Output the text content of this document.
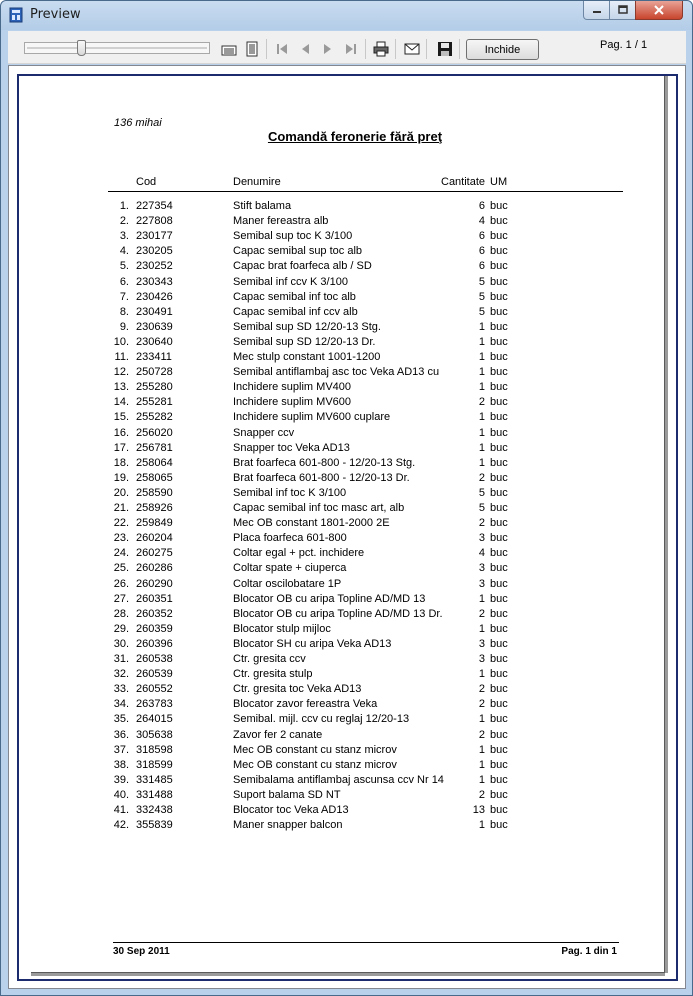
Preview
Inchide	Pag. 1 / 1
136 mihai
Comandă feronerie fără preţ
Cod	Denumire	Cantitate UM
1. 227354	Stift balama	6 buc
2. 227808	Maner fereastra alb	4 buc
3. 230177	Semibal sup toc K 3/100	6 buc
4. 230205	Capac semibal sup toc alb	6 buc
5. 230252	Capac brat foarfeca alb / SD	6 buc
6. 230343	Semibal inf ccv K 3/100	5 buc
7. 230426	Capac semibal inf toc alb	5 buc
8. 230491	Capac semibal inf ccv alb	5 buc
9. 230639	Semibal sup SD 12/20-13 Stg.	1 buc
10. 230640	Semibal sup SD 12/20-13 Dr.	1 buc
11. 233411	Mec stulp constant 1001-1200	1 buc
12. 250728	Semibal antiflambaj asc toc Veka AD13 cu	1 buc
13. 255280	Inchidere suplim MV400	1 buc
14. 255281	Inchidere suplim MV600	2 buc
15. 255282	Inchidere suplim MV600 cuplare	1 buc
16. 256020	Snapper ccv	1 buc
17. 256781	Snapper toc Veka AD13	1 buc
18. 258064	Brat foarfeca 601-800 - 12/20-13 Stg.	1 buc
19. 258065	Brat foarfeca 601-800 - 12/20-13 Dr.	2 buc
20. 258590	Semibal inf toc K 3/100	5 buc
21. 258926	Capac semibal inf toc masc art, alb	5 buc
22. 259849	Mec OB constant 1801-2000 2E	2 buc
23. 260204	Placa foarfeca 601-800	3 buc
24. 260275	Coltar egal + pct. inchidere	4 buc
25. 260286	Coltar spate + ciuperca	3 buc
26. 260290	Coltar oscilobatare 1P	3 buc
27. 260351	Blocator OB cu aripa Topline AD/MD 13	1 buc
28. 260352	Blocator OB cu aripa Topline AD/MD 13 Dr.	2 buc
29. 260359	Blocator stulp mijloc	1 buc
30. 260396	Blocator SH cu aripa Veka AD13	3 buc
31. 260538	Ctr. gresita ccv	3 buc
32. 260539	Ctr. gresita stulp	1 buc
33. 260552	Ctr. gresita toc Veka AD13	2 buc
34. 263783	Blocator zavor fereastra Veka	2 buc
35. 264015	Semibal. mijl. ccv cu reglaj 12/20-13	1 buc
36. 305638	Zavor fer 2 canate	2 buc
37. 318598	Mec OB constant cu stanz microv	1 buc
38. 318599	Mec OB constant cu stanz microv	1 buc
39. 331485	Semibalama antiflambaj ascunsa ccv Nr 14	1 buc
40. 331488	Suport balama SD NT	2 buc
41. 332438	Blocator toc Veka AD13	13 buc
42. 355839	Maner snapper balcon	1 buc
30 Sep 2011	Pag. 1 din 1
